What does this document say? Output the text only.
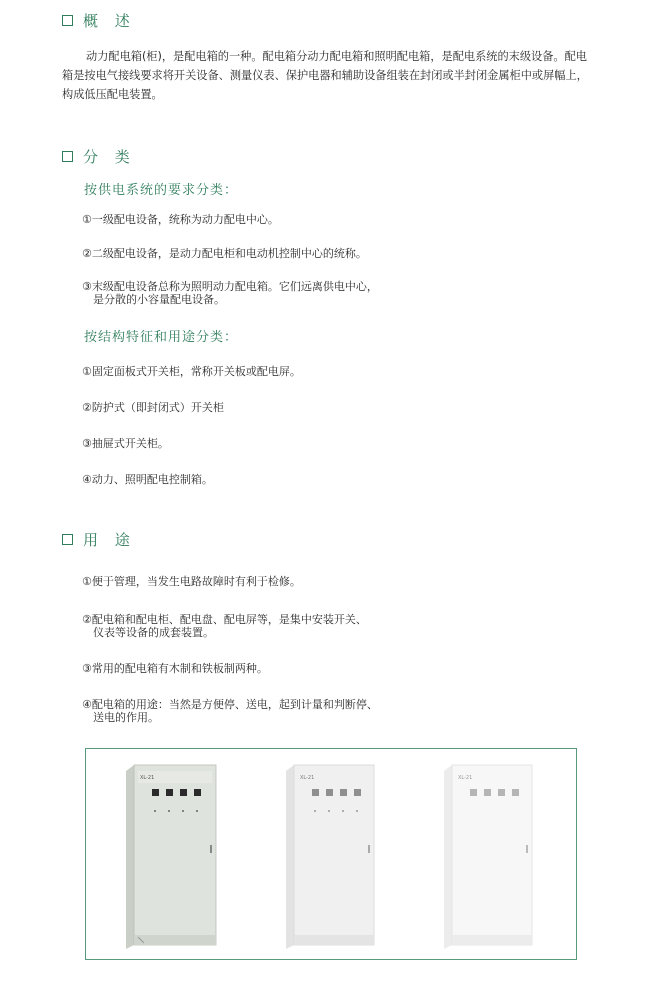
概 述
动力配电箱(柜)，是配电箱的一种。配电箱分动力配电箱和照明配电箱，是配电系统的末级设备。配电箱是按电气接线要求将开关设备、测量仪表、保护电器和辅助设备组装在封闭或半封闭金属柜中或屏幅上，构成低压配电装置。
分 类
按供电系统的要求分类：
①一级配电设备，统称为动力配电中心。
②二级配电设备，是动力配电柜和电动机控制中心的统称。
③末级配电设备总称为照明动力配电箱。它们远离供电中心，
是分散的小容量配电设备。
按结构特征和用途分类：
①固定面板式开关柜，常称开关板或配电屏。
②防护式（即封闭式）开关柜
③抽屉式开关柜。
④动力、照明配电控制箱。
用 途
①便于管理，当发生电路故障时有利于检修。
②配电箱和配电柜、配电盘、配电屏等，是集中安装开关、
仪表等设备的成套装置。
③常用的配电箱有木制和铁板制两种。
④配电箱的用途：当然是方便停、送电，起到计量和判断停、
送电的作用。
XL-21	XL-21	XL-21
